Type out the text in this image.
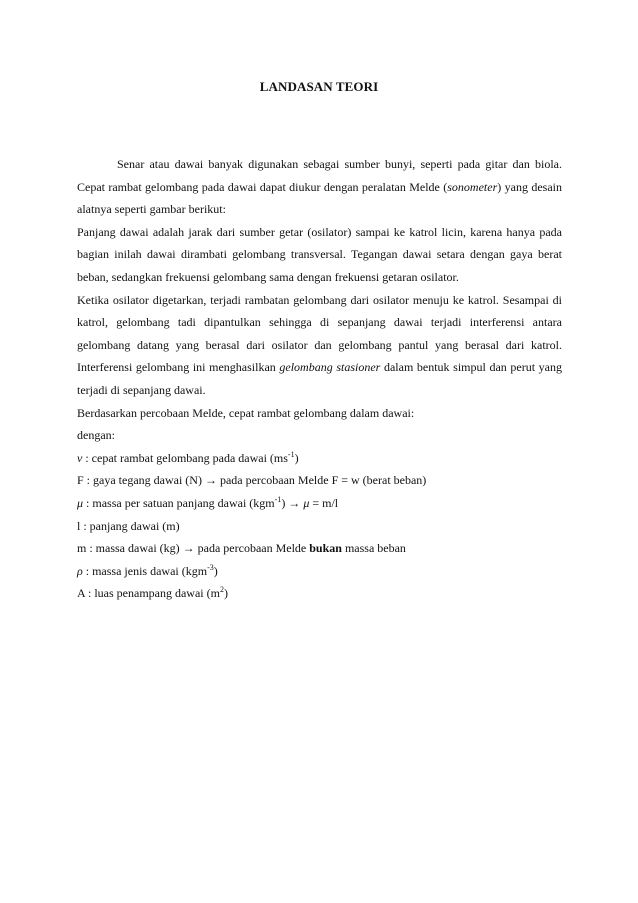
LANDASAN TEORI

Senar atau dawai banyak digunakan sebagai sumber bunyi, seperti pada gitar dan biola. Cepat rambat gelombang pada dawai dapat diukur dengan peralatan Melde (sonometer) yang desain alatnya seperti gambar berikut:

Panjang dawai adalah jarak dari sumber getar (osilator) sampai ke katrol licin, karena hanya pada bagian inilah dawai dirambati gelombang transversal. Tegangan dawai setara dengan gaya berat beban, sedangkan frekuensi gelombang sama dengan frekuensi getaran osilator.

Ketika osilator digetarkan, terjadi rambatan gelombang dari osilator menuju ke katrol. Sesampai di katrol, gelombang tadi dipantulkan sehingga di sepanjang dawai terjadi interferensi antara gelombang datang yang berasal dari osilator dan gelombang pantul yang berasal dari katrol. Interferensi gelombang ini menghasilkan gelombang stasioner dalam bentuk simpul dan perut yang terjadi di sepanjang dawai.

Berdasarkan percobaan Melde, cepat rambat gelombang dalam dawai:

dengan:

v : cepat rambat gelombang pada dawai $(ms^{-1})$

F : gaya tegang dawai (N) → pada percobaan Melde F = w (berat beban)

μ : massa per satuan panjang dawai (kgm$^{-1}$) → μ = m/l

l : panjang dawai (m)

m : massa dawai (kg) → pada percobaan Melde bukan massa beban

ρ : massa jenis dawai (kgm$^{-3}$)

A : luas penampang dawai $(m^2)$
